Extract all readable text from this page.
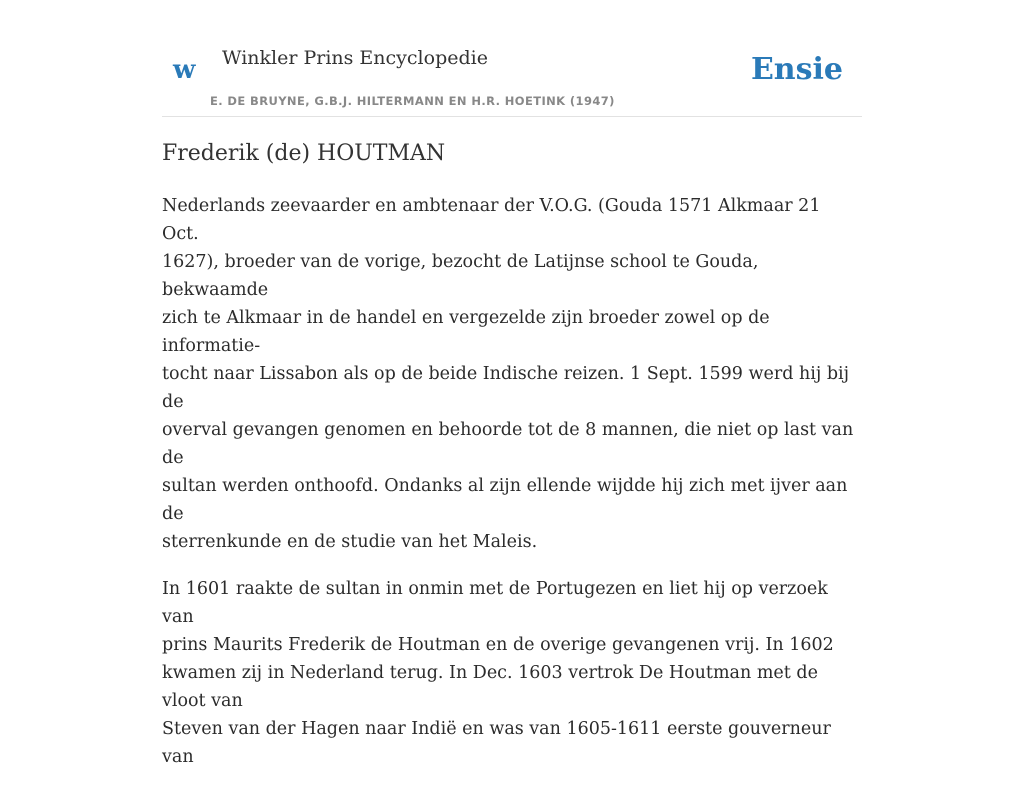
w Winkler Prins Encyclopedie
E. DE BRUYNE, G.B.J. HILTERMANN EN H.R. HOETINK (1947)
Ensie
Frederik (de) HOUTMAN

Nederlands zeevaarder en ambtenaar der V.O.G. (Gouda 1571 Alkmaar 21 Oct.
1627), broeder van de vorige, bezocht de Latijnse school te Gouda, bekwaamde
zich te Alkmaar in de handel en vergezelde zijn broeder zowel op de informatie-
tocht naar Lissabon als op de beide Indische reizen. 1 Sept. 1599 werd hij bij de
overval gevangen genomen en behoorde tot de 8 mannen, die niet op last van de
sultan werden onthoofd. Ondanks al zijn ellende wijdde hij zich met ijver aan de
sterrenkunde en de studie van het Maleis.

In 1601 raakte de sultan in onmin met de Portugezen en liet hij op verzoek van
prins Maurits Frederik de Houtman en de overige gevangenen vrij. In 1602
kwamen zij in Nederland terug. In Dec. 1603 vertrok De Houtman met de vloot van
Steven van der Hagen naar Indië en was van 1605-1611 eerste gouverneur van
